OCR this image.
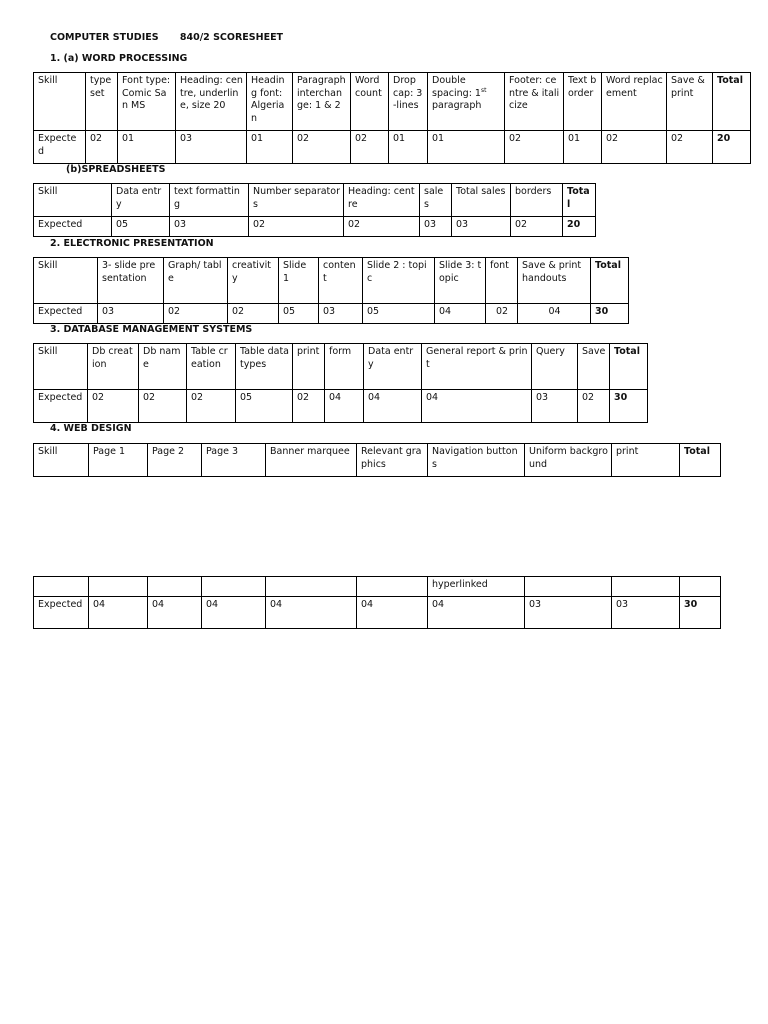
COMPUTER STUDIES 840/2 SCORESHEET
1. (a) WORD PROCESSING
Skill	type set	Font type: Comic San MS	Heading: centre, underline, size 20	Heading font: Algerian	Paragraph interchange: 1 & 2	Word count	Drop cap: 3-lines	Double spacing: 1st paragraph	Footer: centre & italicize	Text border	Word replacement	Save & print	Total
Expected	02	01	03	01	02	02	01	01	02	01	02	02	20
(b)SPREADSHEETS
Skill	Data entry	text formatting	Number separators	Heading: centre	sales	Total sales	borders	Total
Expected	05	03	02	02	03	03	02	20
2. ELECTRONIC PRESENTATION
Skill	3- slide presentation	Graph/ table	creativity	Slide 1	content	Slide 2 : topic	Slide 3: topic	font	Save & print handouts	Total
Expected	03	02	02	05	03	05	04	02	04	30
3. DATABASE MANAGEMENT SYSTEMS
Skill	Db creation	Db name	Table creation	Table data types	print	form	Data entry	General report & print	Query	Save	Total
Expected	02	02	02	05	02	04	04	04	03	02	30
4. WEB DESIGN
Skill	Page 1	Page 2	Page 3	Banner marquee	Relevant graphics	Navigation buttons	Uniform background	print	Total
						hyperlinked			
Expected	04	04	04	04	04	04	03	03	30
